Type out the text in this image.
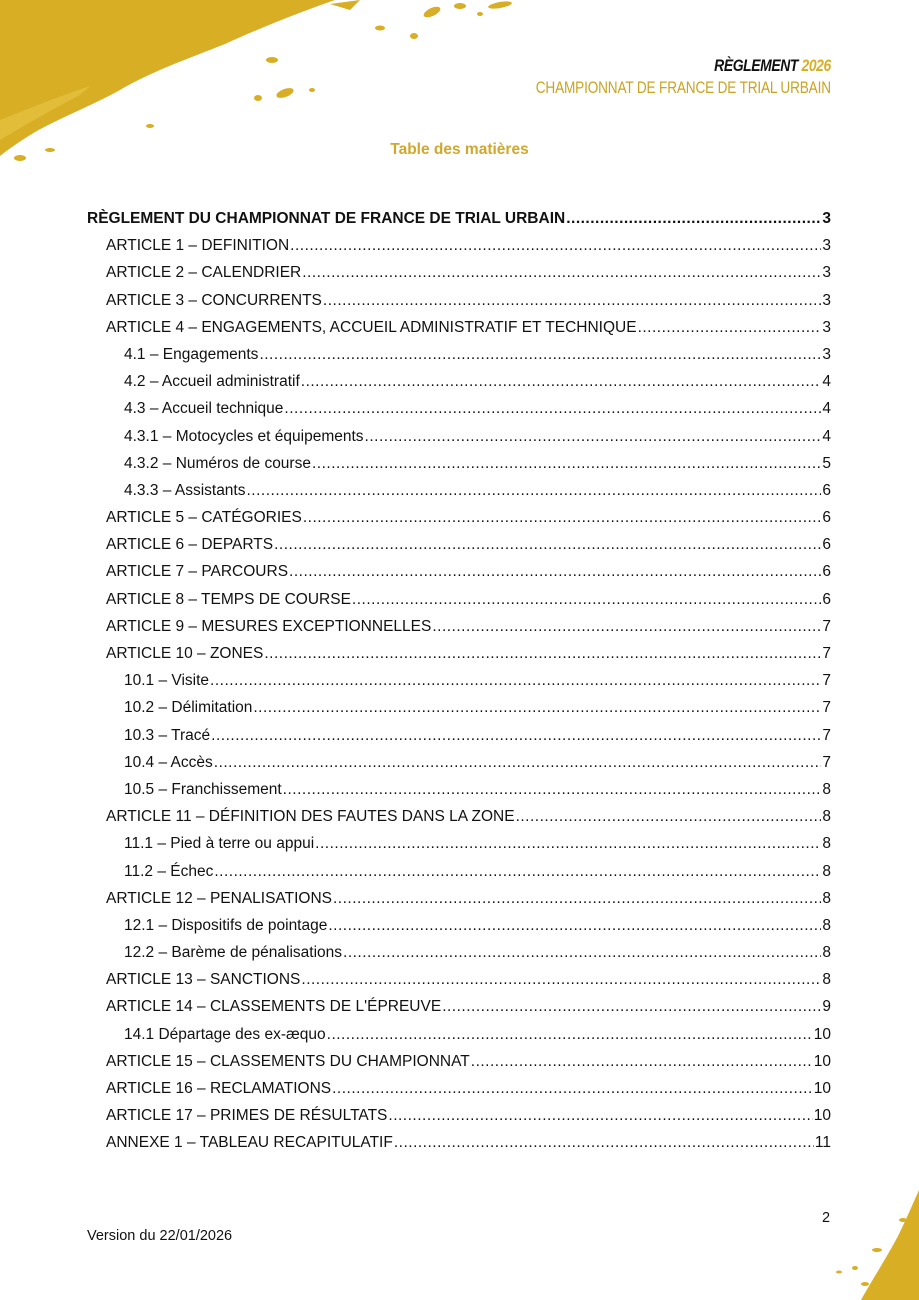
RÈGLEMENT 2026
CHAMPIONNAT DE FRANCE DE TRIAL URBAIN
Table des matières
RÈGLEMENT DU CHAMPIONNAT DE FRANCE DE TRIAL URBAIN .....	3
ARTICLE 1 – DEFINITION .....	3
ARTICLE 2 – CALENDRIER .....	3
ARTICLE 3 – CONCURRENTS .....	3
ARTICLE 4 – ENGAGEMENTS, ACCUEIL ADMINISTRATIF ET TECHNIQUE .....	3
4.1 – Engagements .....	3
4.2 – Accueil administratif .....	4
4.3 – Accueil technique .....	4
4.3.1 – Motocycles et équipements .....	4
4.3.2 – Numéros de course .....	5
4.3.3 – Assistants .....	6
ARTICLE 5 – CATÉGORIES .....	6
ARTICLE 6 – DEPARTS .....	6
ARTICLE 7 – PARCOURS .....	6
ARTICLE 8 – TEMPS DE COURSE .....	6
ARTICLE 9 – MESURES EXCEPTIONNELLES .....	7
ARTICLE 10 – ZONES .....	7
10.1 – Visite .....	7
10.2 – Délimitation .....	7
10.3 – Tracé .....	7
10.4 – Accès .....	7
10.5 – Franchissement .....	8
ARTICLE 11 – DÉFINITION DES FAUTES DANS LA ZONE .....	8
11.1 – Pied à terre ou appui .....	8
11.2 – Échec .....	8
ARTICLE 12 – PENALISATIONS .....	8
12.1 – Dispositifs de pointage .....	8
12.2 – Barème de pénalisations .....	8
ARTICLE 13 – SANCTIONS .....	8
ARTICLE 14 – CLASSEMENTS DE L'ÉPREUVE .....	9
14.1 Départage des ex-æquo .....	10
ARTICLE 15 – CLASSEMENTS DU CHAMPIONNAT .....	10
ARTICLE 16 – RECLAMATIONS .....	10
ARTICLE 17 – PRIMES DE RÉSULTATS .....	10
ANNEXE 1 – TABLEAU RECAPITULATIF .....	11
Version du 22/01/2026
2
